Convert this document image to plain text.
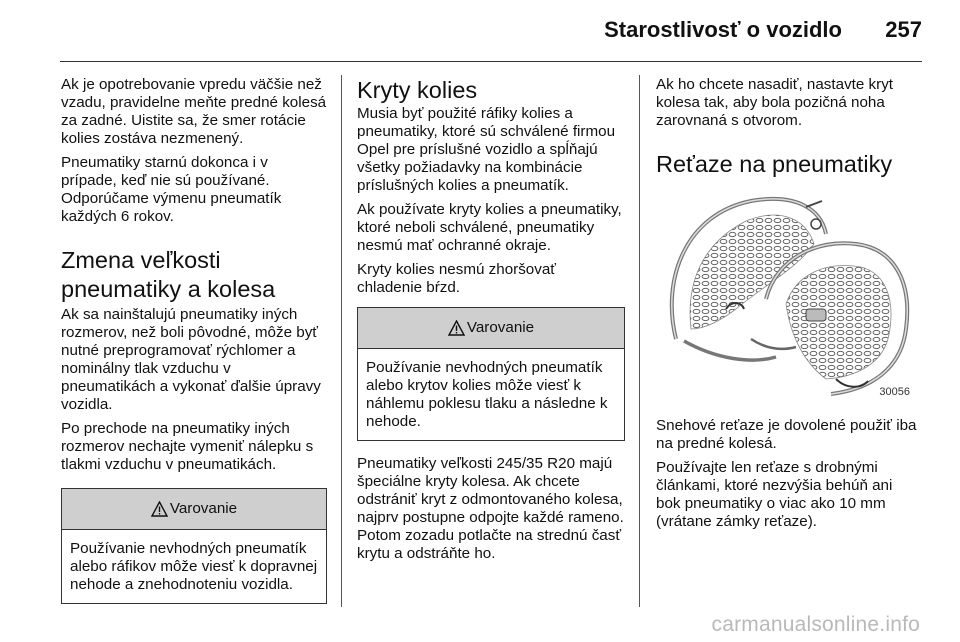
Starostlivosť o vozidlo 257

Ak je opotrebovanie vpredu väčšie než vzadu, pravidelne meňte predné kolesá za zadné. Uistite sa, že smer rotácie kolies zostáva nezmenený.

Pneumatiky starnú dokonca i v prípade, keď nie sú používané. Odporúčame výmenu pneumatík každých 6 rokov.

Zmena veľkosti pneumatiky a kolesa

Ak sa nainštalujú pneumatiky iných rozmerov, než boli pôvodné, môže byť nutné preprogramovať rýchlomer a nominálny tlak vzduchu v pneumatikách a vykonať ďalšie úpravy vozidla.

Po prechode na pneumatiky iných rozmerov nechajte vymeniť nálepku s tlakmi vzduchu v pneumatikách.

Varovanie
Používanie nevhodných pneumatík alebo ráfikov môže viesť k dopravnej nehode a znehodnoteniu vozidla.
Kryty kolies

Musia byť použité ráfiky kolies a pneumatiky, ktoré sú schválené firmou Opel pre príslušné vozidlo a spĺňajú všetky požiadavky na kombinácie príslušných kolies a pneumatík.

Ak používate kryty kolies a pneumatiky, ktoré neboli schválené, pneumatiky nesmú mať ochranné okraje.

Kryty kolies nesmú zhoršovať chladenie bŕzd.

Varovanie
Používanie nevhodných pneumatík alebo krytov kolies môže viesť k náhlemu poklesu tlaku a následne k nehode.

Pneumatiky veľkosti 245/35 R20 majú špeciálne kryty kolesa. Ak chcete odstrániť kryt z odmontovaného kolesa, najprv postupne odpojte každé rameno. Potom zozadu potlačte na strednú časť krytu a odstráňte ho.

Ak ho chcete nasadiť, nastavte kryt kolesa tak, aby bola pozičná noha zarovnaná s otvorom.

Reťaze na pneumatiky
30056

Snehové reťaze je dovolené použiť iba na predné kolesá.

Používajte len reťaze s drobnými článkami, ktoré nezvýšia behúň ani bok pneumatiky o viac ako 10 mm (vrátane zámky reťaze).

carmanualsonline.info
